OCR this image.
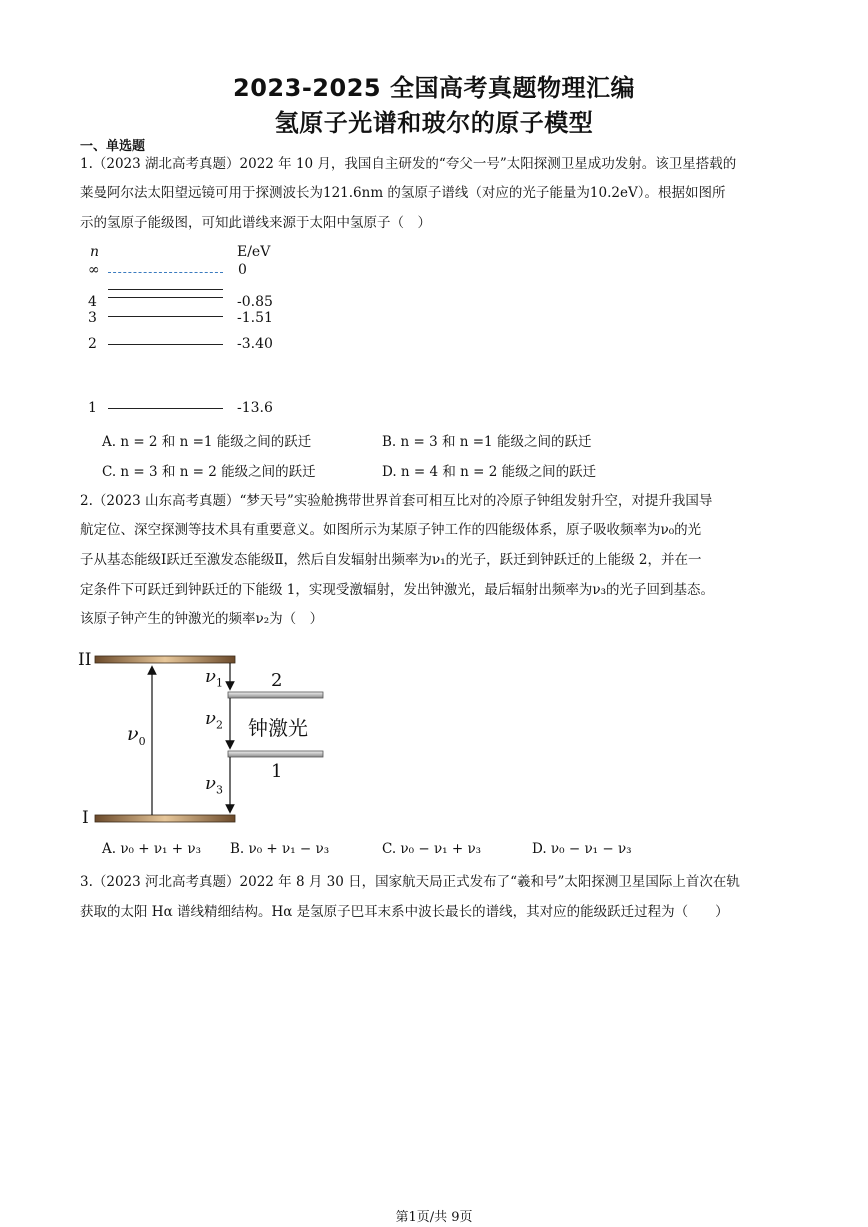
2023-2025 全国高考真题物理汇编
氢原子光谱和玻尔的原子模型
一、单选题
1.（2023 湖北高考真题）2022 年 10 月，我国自主研发的“夸父一号”太阳探测卫星成功发射。该卫星搭载的
莱曼阿尔法太阳望远镜可用于探测波长为121.6nm 的氢原子谱线（对应的光子能量为10.2eV）。根据如图所
示的氢原子能级图，可知此谱线来源于太阳中氢原子（　）
n	E/eV
∞	0
4	-0.85
3	-1.51
2	-3.40
1	-13.6
A. n = 2 和 n =1 能级之间的跃迁	B. n = 3 和 n =1 能级之间的跃迁
C. n = 3 和 n = 2 能级之间的跃迁	D. n = 4 和 n = 2 能级之间的跃迁
2.（2023 山东高考真题）“梦天号”实验舱携带世界首套可相互比对的冷原子钟组发射升空，对提升我国导
航定位、深空探测等技术具有重要意义。如图所示为某原子钟工作的四能级体系，原子吸收频率为ν₀的光
子从基态能级Ⅰ跃迁至激发态能级Ⅱ，然后自发辐射出频率为ν₁的光子，跃迁到钟跃迁的上能级 2，并在一
定条件下可跃迁到钟跃迁的下能级 1，实现受激辐射，发出钟激光，最后辐射出频率为ν₃的光子回到基态。
该原子钟产生的钟激光的频率ν₂为（　）
II
I
2
1
钟激光
$\nu_0$
$\nu_1$
$\nu_2$
$\nu_3$
A. ν₀ + ν₁ + ν₃ B. ν₀ + ν₁ − ν₃	C. ν₀ − ν₁ + ν₃	D. ν₀ − ν₁ − ν₃
3.（2023 河北高考真题）2022 年 8 月 30 日，国家航天局正式发布了“羲和号”太阳探测卫星国际上首次在轨
获取的太阳 Hα 谱线精细结构。Hα 是氢原子巴耳末系中波长最长的谱线，其对应的能级跃迁过程为（　　）
第1页/共 9页
